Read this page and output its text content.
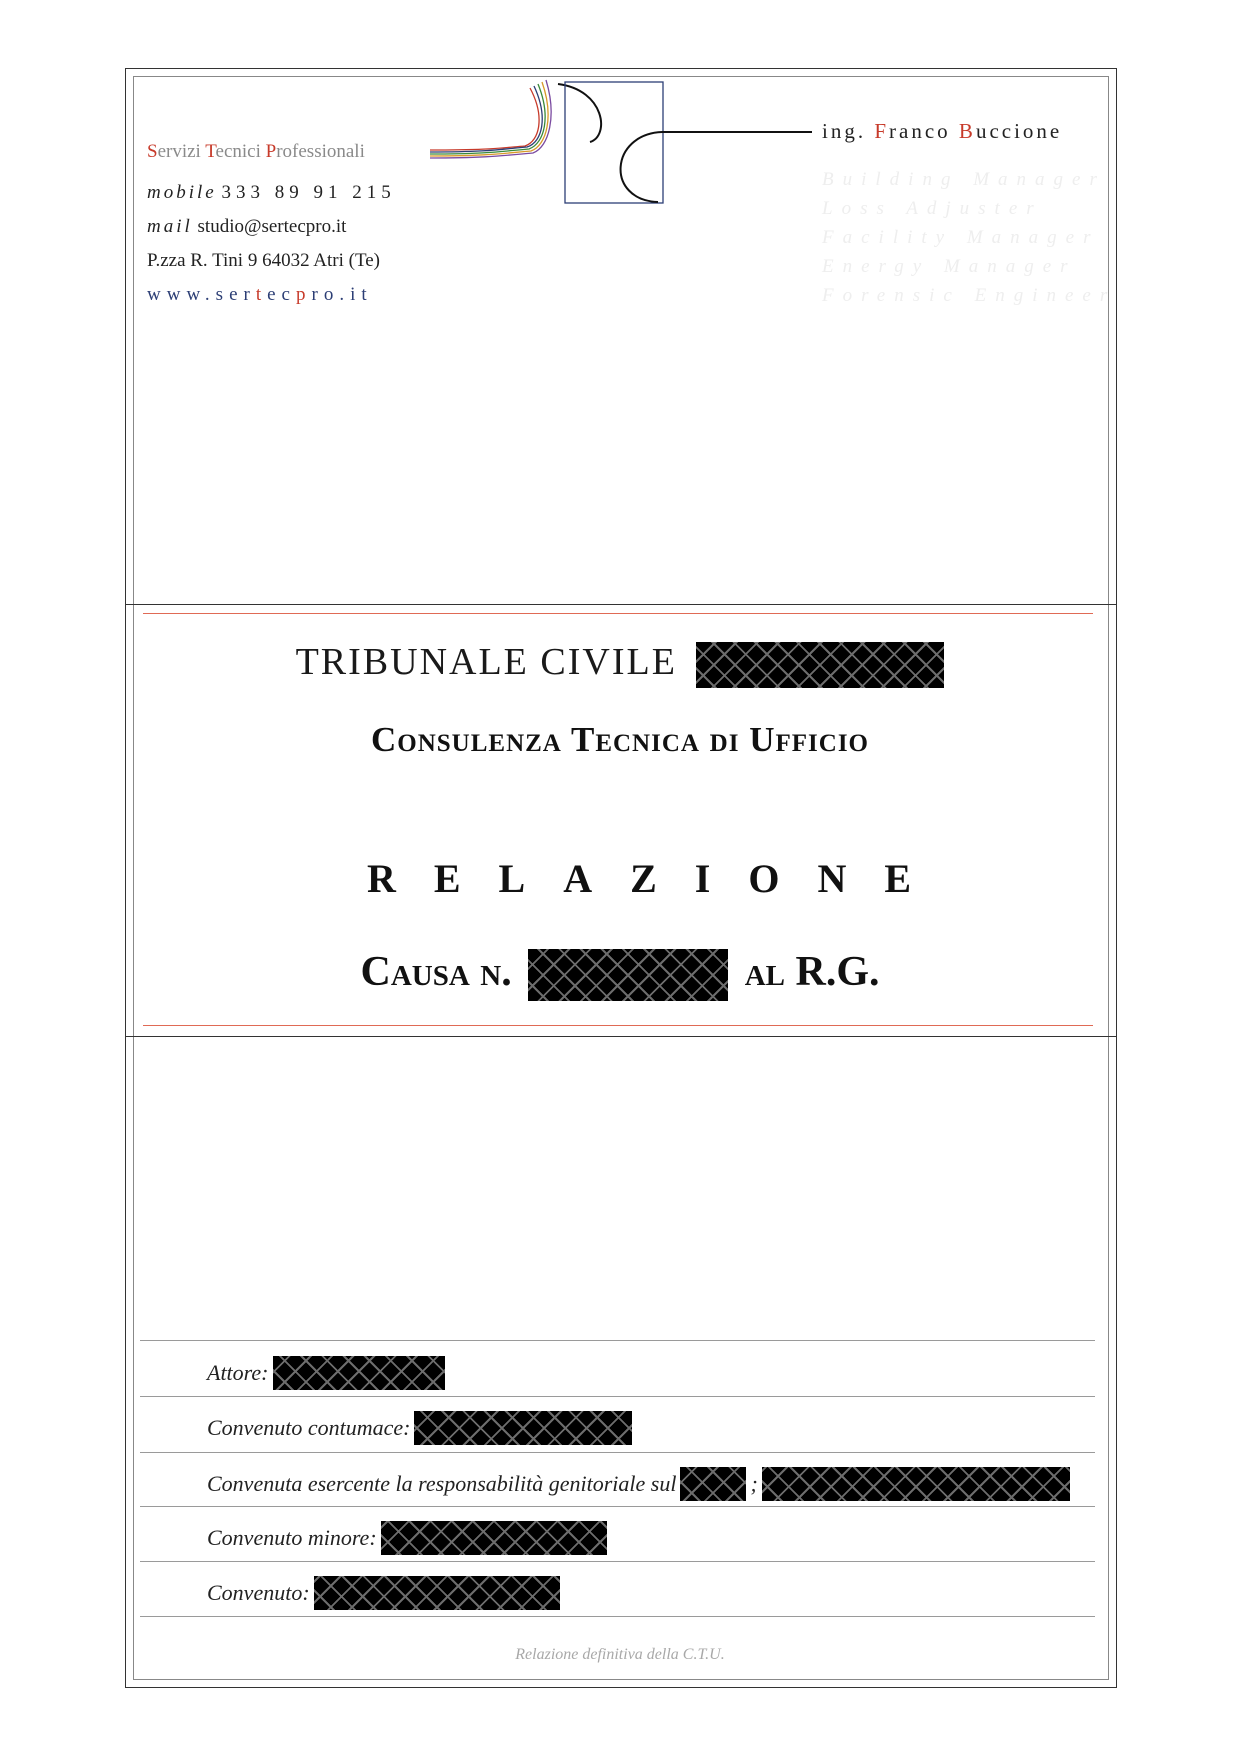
Servizi Tecnici Professionali
mobile 333 89 91 215
mail studio@sertecpro.it
P.zza R. Tini 9 64032 Atri (Te)
www.sertecpro.it
ing. Franco Buccione
Building Manager
Loss Adjuster
Facility Manager
Energy Manager
Forensic Engineer
TRIBUNALE CIVILE
Consulenza Tecnica di Ufficio
RELAZIONE
Causa n.	al R.G.
Attore:
Convenuto contumace:
Convenuta esercente la responsabilità genitoriale sul	;
Convenuto minore:
Convenuto:
Relazione definitiva della C.T.U.
